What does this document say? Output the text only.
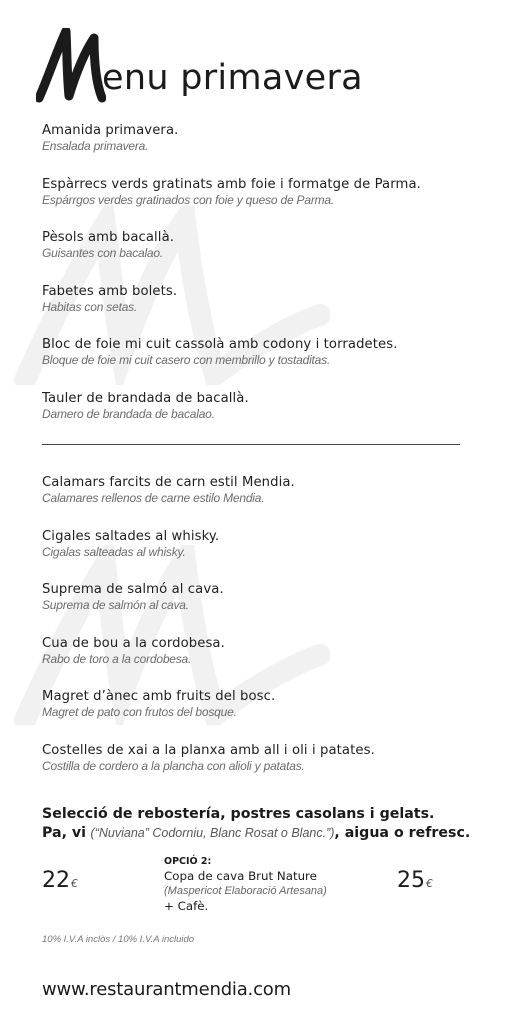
enu primavera
Amanida primavera.
Ensalada primavera.
Espàrrecs verds gratinats amb foie i formatge de Parma.
Espárrgos verdes gratinados con foie y queso de Parma.
Pèsols amb bacallà.
Guisantes con bacalao.
Fabetes amb bolets.
Habitas con setas.
Bloc de foie mi cuit cassolà amb codony i torradetes.
Bloque de foie mi cuit casero con membrillo y tostaditas.
Tauler de brandada de bacallà.
Damero de brandada de bacalao.
Calamars farcits de carn estil Mendia.
Calamares rellenos de carne estilo Mendia.
Cigales saltades al whisky.
Cigalas salteadas al whisky.
Suprema de salmó al cava.
Suprema de salmón al cava.
Cua de bou a la cordobesa.
Rabo de toro a la cordobesa.
Magret d’ànec amb fruits del bosc.
Magret de pato con frutos del bosque.
Costelles de xai a la planxa amb all i oli i patates.
Costilla de cordero a la plancha con alioli y patatas.
Selecció de rebostería, postres casolans i gelats.
Pa, vi (“Nuviana” Codorniu, Blanc Rosat o Blanc.”), aigua o refresc.
22€
OPCIÓ 2:
Copa de cava Brut Nature
(Maspericot Elaboració Artesana)
+ Cafè.
25€
10% I.V.A inclòs / 10% I.V.A incluido
www.restaurantmendia.com
